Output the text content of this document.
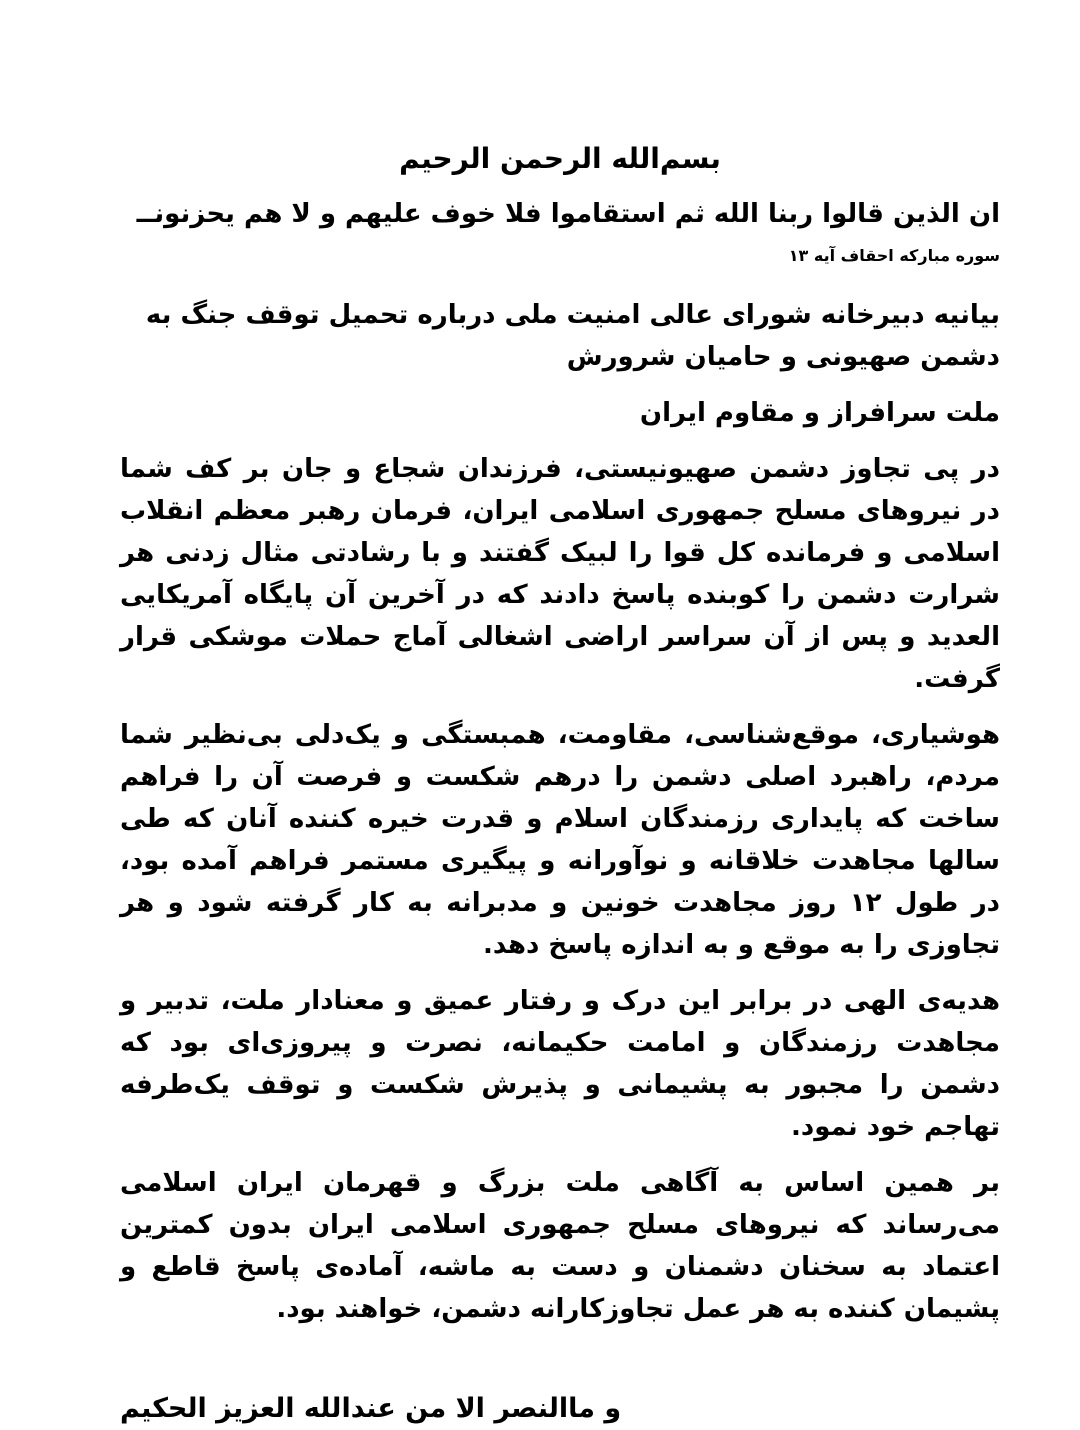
بسم‌الله الرحمن الرحیم

ان الذین قالوا ربنا الله ثم استقاموا فلا خوف علیهم و لا هم یحزنونــ $^{سوره مبارکه احقاف آیه ۱۳}$

بیانیه دبیرخانه شورای عالی امنیت ملی درباره تحمیل توقف جنگ به دشمن صهیونی و حامیان شرورش

ملت سرافراز و مقاوم ایران

در پی تجاوز دشمن صهیونیستی، فرزندان شجاع و جان بر کف شما در نیروهای مسلح جمهوری اسلامی ایران، فرمان رهبر معظم انقلاب اسلامی و فرمانده کل قوا را لبیک گفتند و با رشادتی مثال زدنی هر شرارت دشمن را کوبنده پاسخ دادند که در آخرین آن پایگاه آمریکایی العدید و پس از آن سراسر اراضی اشغالی آماج حملات موشکی قرار گرفت.

هوشیاری، موقع‌شناسی، مقاومت، همبستگی و یک‌دلی بی‌نظیر شما مردم، راهبرد اصلی دشمن را درهم شکست و فرصت آن را فراهم ساخت که پایداری رزمندگان اسلام و قدرت خیره کننده آنان که طی سالها مجاهدت خلاقانه و نوآورانه و پیگیری مستمر فراهم آمده بود، در طول ۱۲ روز مجاهدت خونین و مدبرانه به کار گرفته شود و هر تجاوزی را به موقع و به اندازه پاسخ دهد.

هدیه‌ی الهی در برابر این درک و رفتار عمیق و معنادار ملت، تدبیر و مجاهدت رزمندگان و امامت حکیمانه، نصرت و پیروزی‌ای بود که دشمن را مجبور به پشیمانی و پذیرش شکست و توقف یک‌طرفه تهاجم خود نمود.

بر همین اساس به آگاهی ملت بزرگ و قهرمان ایران اسلامی می‌رساند که نیروهای مسلح جمهوری اسلامی ایران بدون کمترین اعتماد به سخنان دشمنان و دست به ماشه، آماده‌ی پاسخ قاطع و پشیمان کننده به هر عمل تجاوزکارانه دشمن، خواهند بود.

و ماالنصر الا من عندالله العزیز الحکیم
